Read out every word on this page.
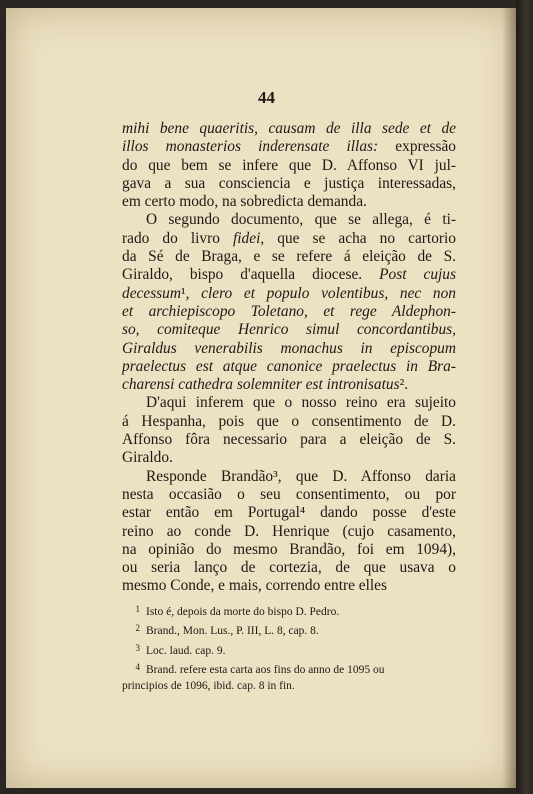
44
mihi bene quaeritis, causam de illa sede et de
illos monasterios inderensate illas: expressão
do que bem se infere que D. Affonso VI jul-
gava a sua consciencia e justiça interessadas,
em certo modo, na sobredicta demanda.
O segundo documento, que se allega, é ti-
rado do livro fidei, que se acha no cartorio
da Sé de Braga, e se refere á eleição de S.
Giraldo, bispo d'aquella diocese. Post cujus
decessum¹, clero et populo volentibus, nec non
et archiepiscopo Toletano, et rege Aldephon-
so, comiteque Henrico simul concordantibus,
Giraldus venerabilis monachus in episcopum
praelectus est atque canonice praelectus in Bra-
charensi cathedra solemniter est intronisatus².
D'aqui inferem que o nosso reino era sujeito
á Hespanha, pois que o consentimento de D.
Affonso fôra necessario para a eleição de S.
Giraldo.
Responde Brandão³, que D. Affonso daria
nesta occasião o seu consentimento, ou por
estar então em Portugal⁴ dando posse d'este
reino ao conde D. Henrique (cujo casamento,
na opinião do mesmo Brandão, foi em 1094),
ou seria lanço de cortezia, de que usava o
mesmo Conde, e mais, correndo entre elles
1 Isto é, depois da morte do bispo D. Pedro.
2 Brand., Mon. Lus., P. III, L. 8, cap. 8.
3 Loc. laud. cap. 9.
4 Brand. refere esta carta aos fins do anno de 1095 ou
principios de 1096, ibid. cap. 8 in fin.
